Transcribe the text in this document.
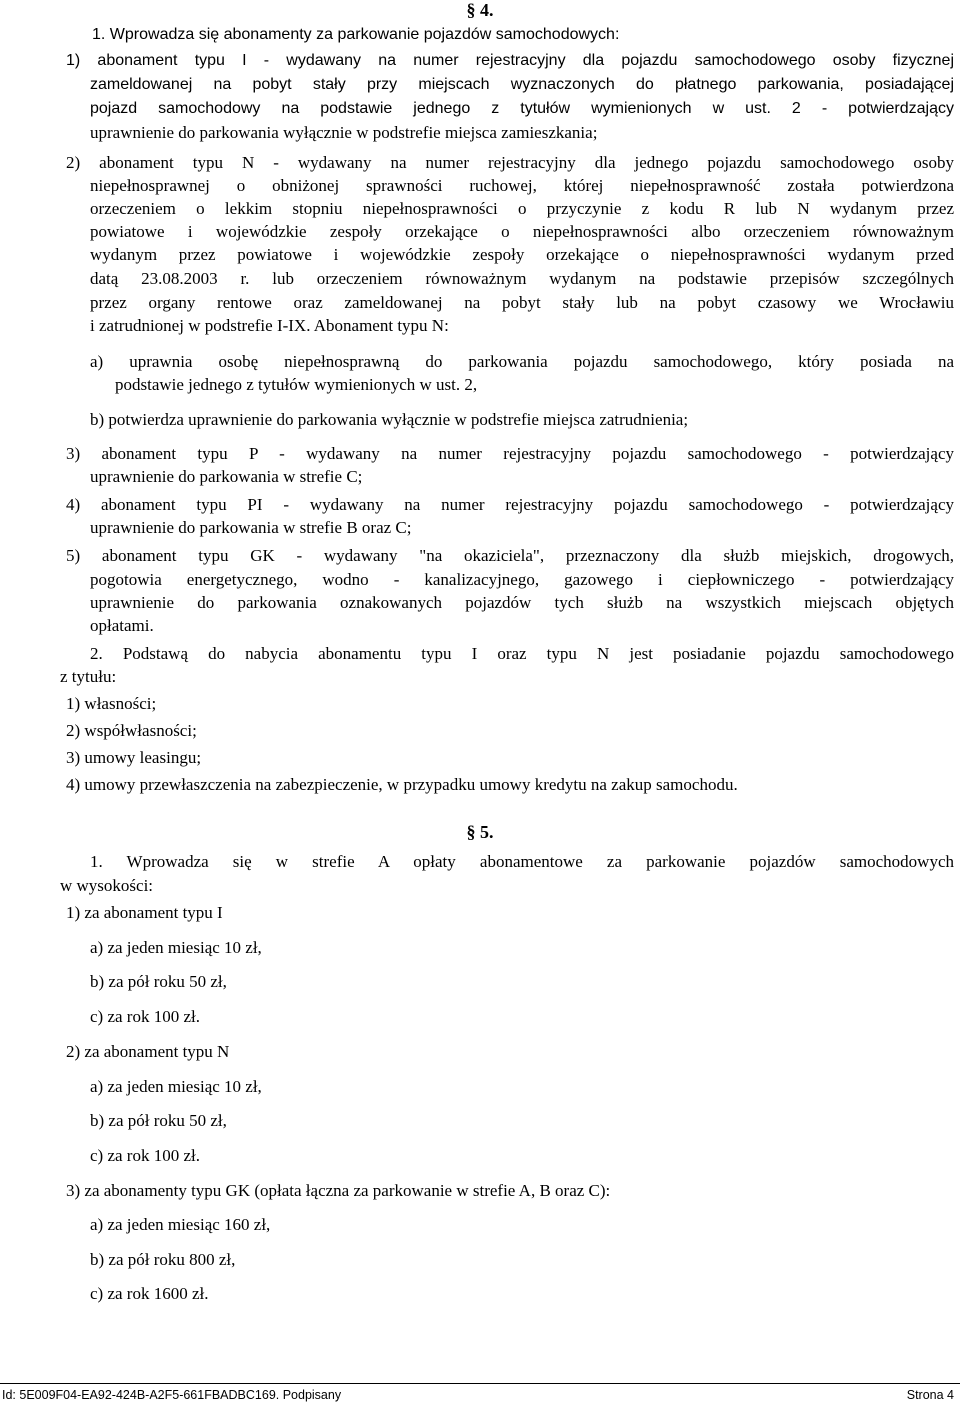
§ 4.

1. Wprowadza się abonamenty za parkowanie pojazdów samochodowych:

1) abonament typu I - wydawany na numer rejestracyjny dla pojazdu samochodowego osoby fizycznej

zameldowanej na pobyt stały przy miejscach wyznaczonych do płatnego parkowania, posiadającej

pojazd samochodowy na podstawie jednego z tytułów wymienionych w ust. 2 - potwierdzający

uprawnienie do parkowania wyłącznie w podstrefie miejsca zamieszkania;

2) abonament typu N - wydawany na numer rejestracyjny dla jednego pojazdu samochodowego osoby

niepełnosprawnej o obniżonej sprawności ruchowej, której niepełnosprawność została potwierdzona

orzeczeniem o lekkim stopniu niepełnosprawności o przyczynie z kodu R lub N wydanym przez

powiatowe i wojewódzkie zespoły orzekające o niepełnosprawności albo orzeczeniem równoważnym

wydanym przez powiatowe i wojewódzkie zespoły orzekające o niepełnosprawności wydanym przed

datą 23.08.2003 r. lub orzeczeniem równoważnym wydanym na podstawie przepisów szczególnych

przez organy rentowe oraz zameldowanej na pobyt stały lub na pobyt czasowy we Wrocławiu

i zatrudnionej w podstrefie I-IX. Abonament typu N:

a) uprawnia osobę niepełnosprawną do parkowania pojazdu samochodowego, który posiada na

podstawie jednego z tytułów wymienionych w ust. 2,

b) potwierdza uprawnienie do parkowania wyłącznie w podstrefie miejsca zatrudnienia;

3) abonament typu P - wydawany na numer rejestracyjny pojazdu samochodowego - potwierdzający

uprawnienie do parkowania w strefie C;

4) abonament typu PI - wydawany na numer rejestracyjny pojazdu samochodowego - potwierdzający

uprawnienie do parkowania w strefie B oraz C;

5) abonament typu GK - wydawany "na okaziciela", przeznaczony dla służb miejskich, drogowych,

pogotowia energetycznego, wodno - kanalizacyjnego, gazowego i ciepłowniczego - potwierdzający

uprawnienie do parkowania oznakowanych pojazdów tych służb na wszystkich miejscach objętych

opłatami.

2. Podstawą do nabycia abonamentu typu I oraz typu N jest posiadanie pojazdu samochodowego

z tytułu:

1) własności;

2) współwłasności;

3) umowy leasingu;

4) umowy przewłaszczenia na zabezpieczenie, w przypadku umowy kredytu na zakup samochodu.

§ 5.

1. Wprowadza się w strefie A opłaty abonamentowe za parkowanie pojazdów samochodowych

w wysokości:

1) za abonament typu I

a) za jeden miesiąc 10 zł,

b) za pół roku 50 zł,

c) za rok 100 zł.

2) za abonament typu N

a) za jeden miesiąc 10 zł,

b) za pół roku 50 zł,

c) za rok 100 zł.

3) za abonamenty typu GK (opłata łączna za parkowanie w strefie A, B oraz C):

a) za jeden miesiąc 160 zł,

b) za pół roku 800 zł,

c) za rok 1600 zł.

Id: 5E009F04-EA92-424B-A2F5-661FBADBC169. Podpisany	Strona 4
